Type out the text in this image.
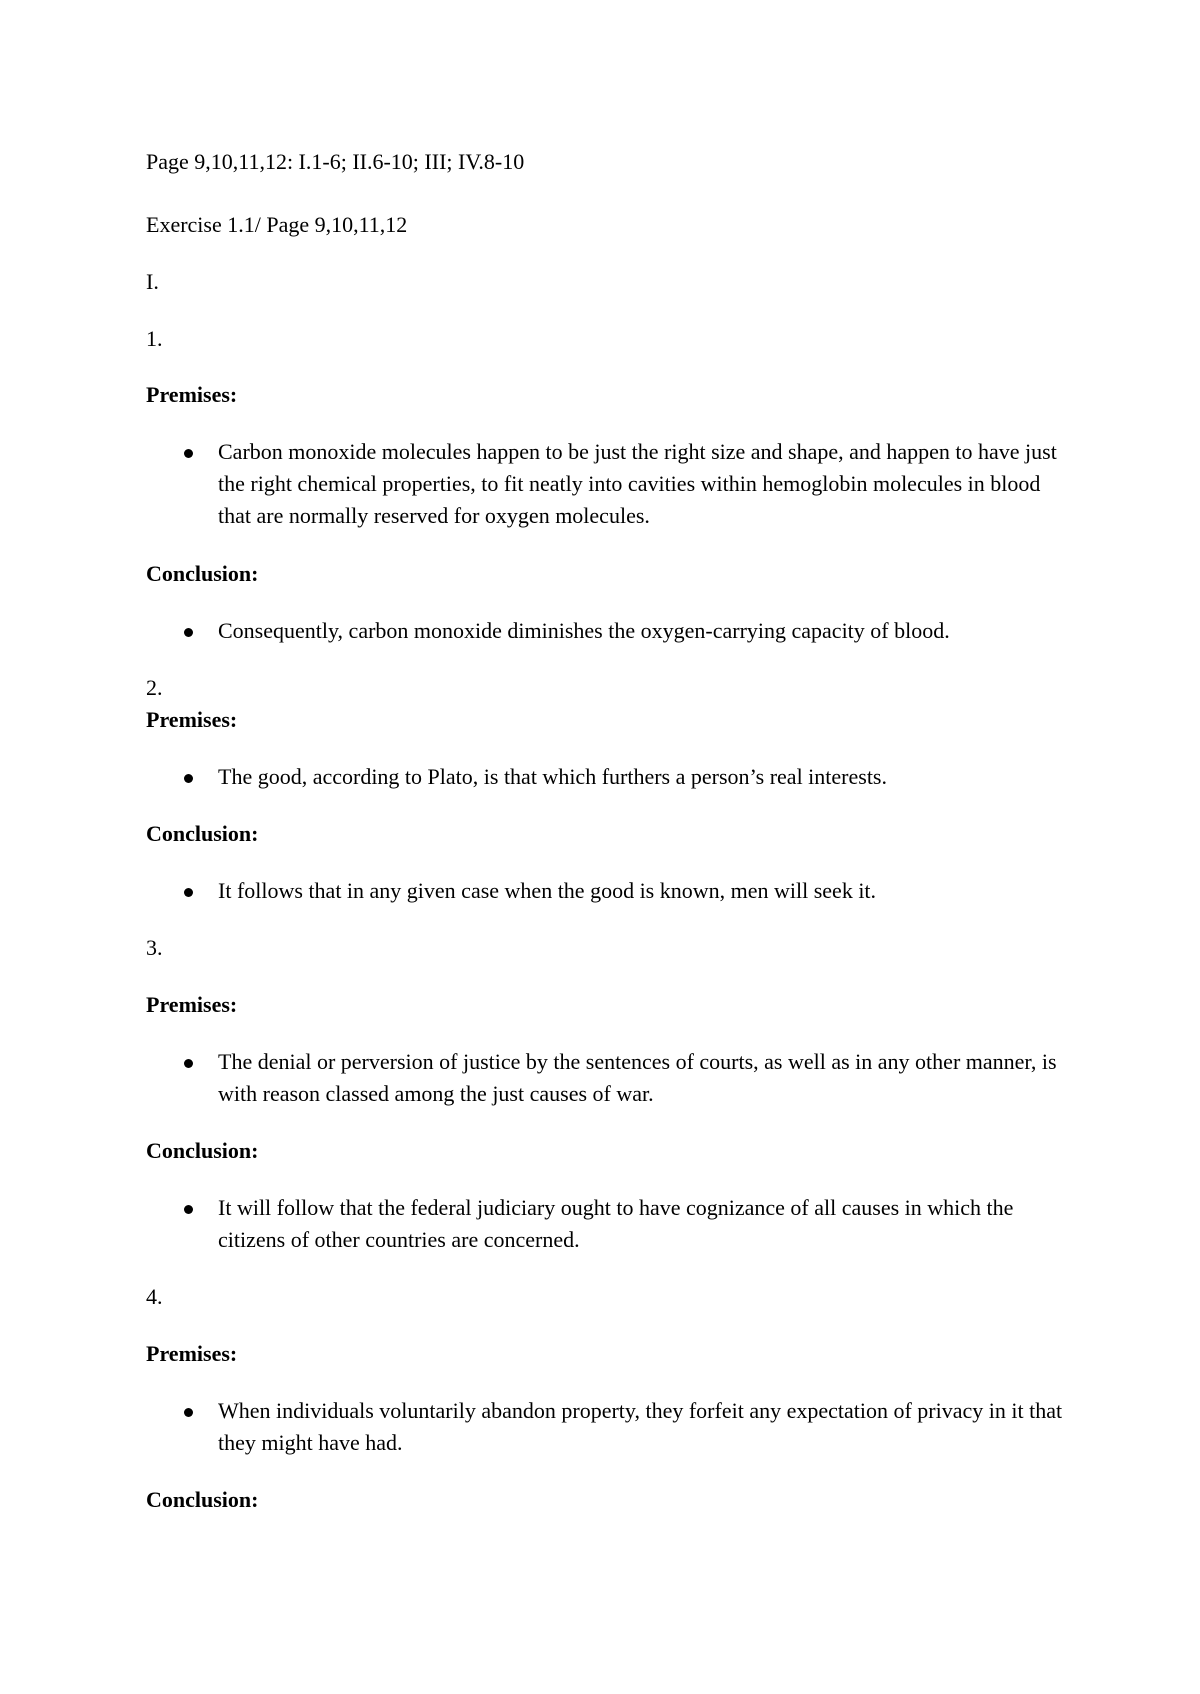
Page 9,10,11,12: I.1-6; II.6-10; III; IV.8-10
Exercise 1.1/ Page 9,10,11,12
I.
1.
Premises:
Carbon monoxide molecules happen to be just the right size and shape, and happen to have just the right chemical properties, to fit neatly into cavities within hemoglobin molecules in blood that are normally reserved for oxygen molecules.
Conclusion:
Consequently, carbon monoxide diminishes the oxygen-carrying capacity of blood.
2.
Premises:
The good, according to Plato, is that which furthers a person’s real interests.
Conclusion:
It follows that in any given case when the good is known, men will seek it.
3.
Premises:
The denial or perversion of justice by the sentences of courts, as well as in any other manner, is with reason classed among the just causes of war.
Conclusion:
It will follow that the federal judiciary ought to have cognizance of all causes in which the citizens of other countries are concerned.
4.
Premises:
When individuals voluntarily abandon property, they forfeit any expectation of privacy in it that they might have had.
Conclusion:
